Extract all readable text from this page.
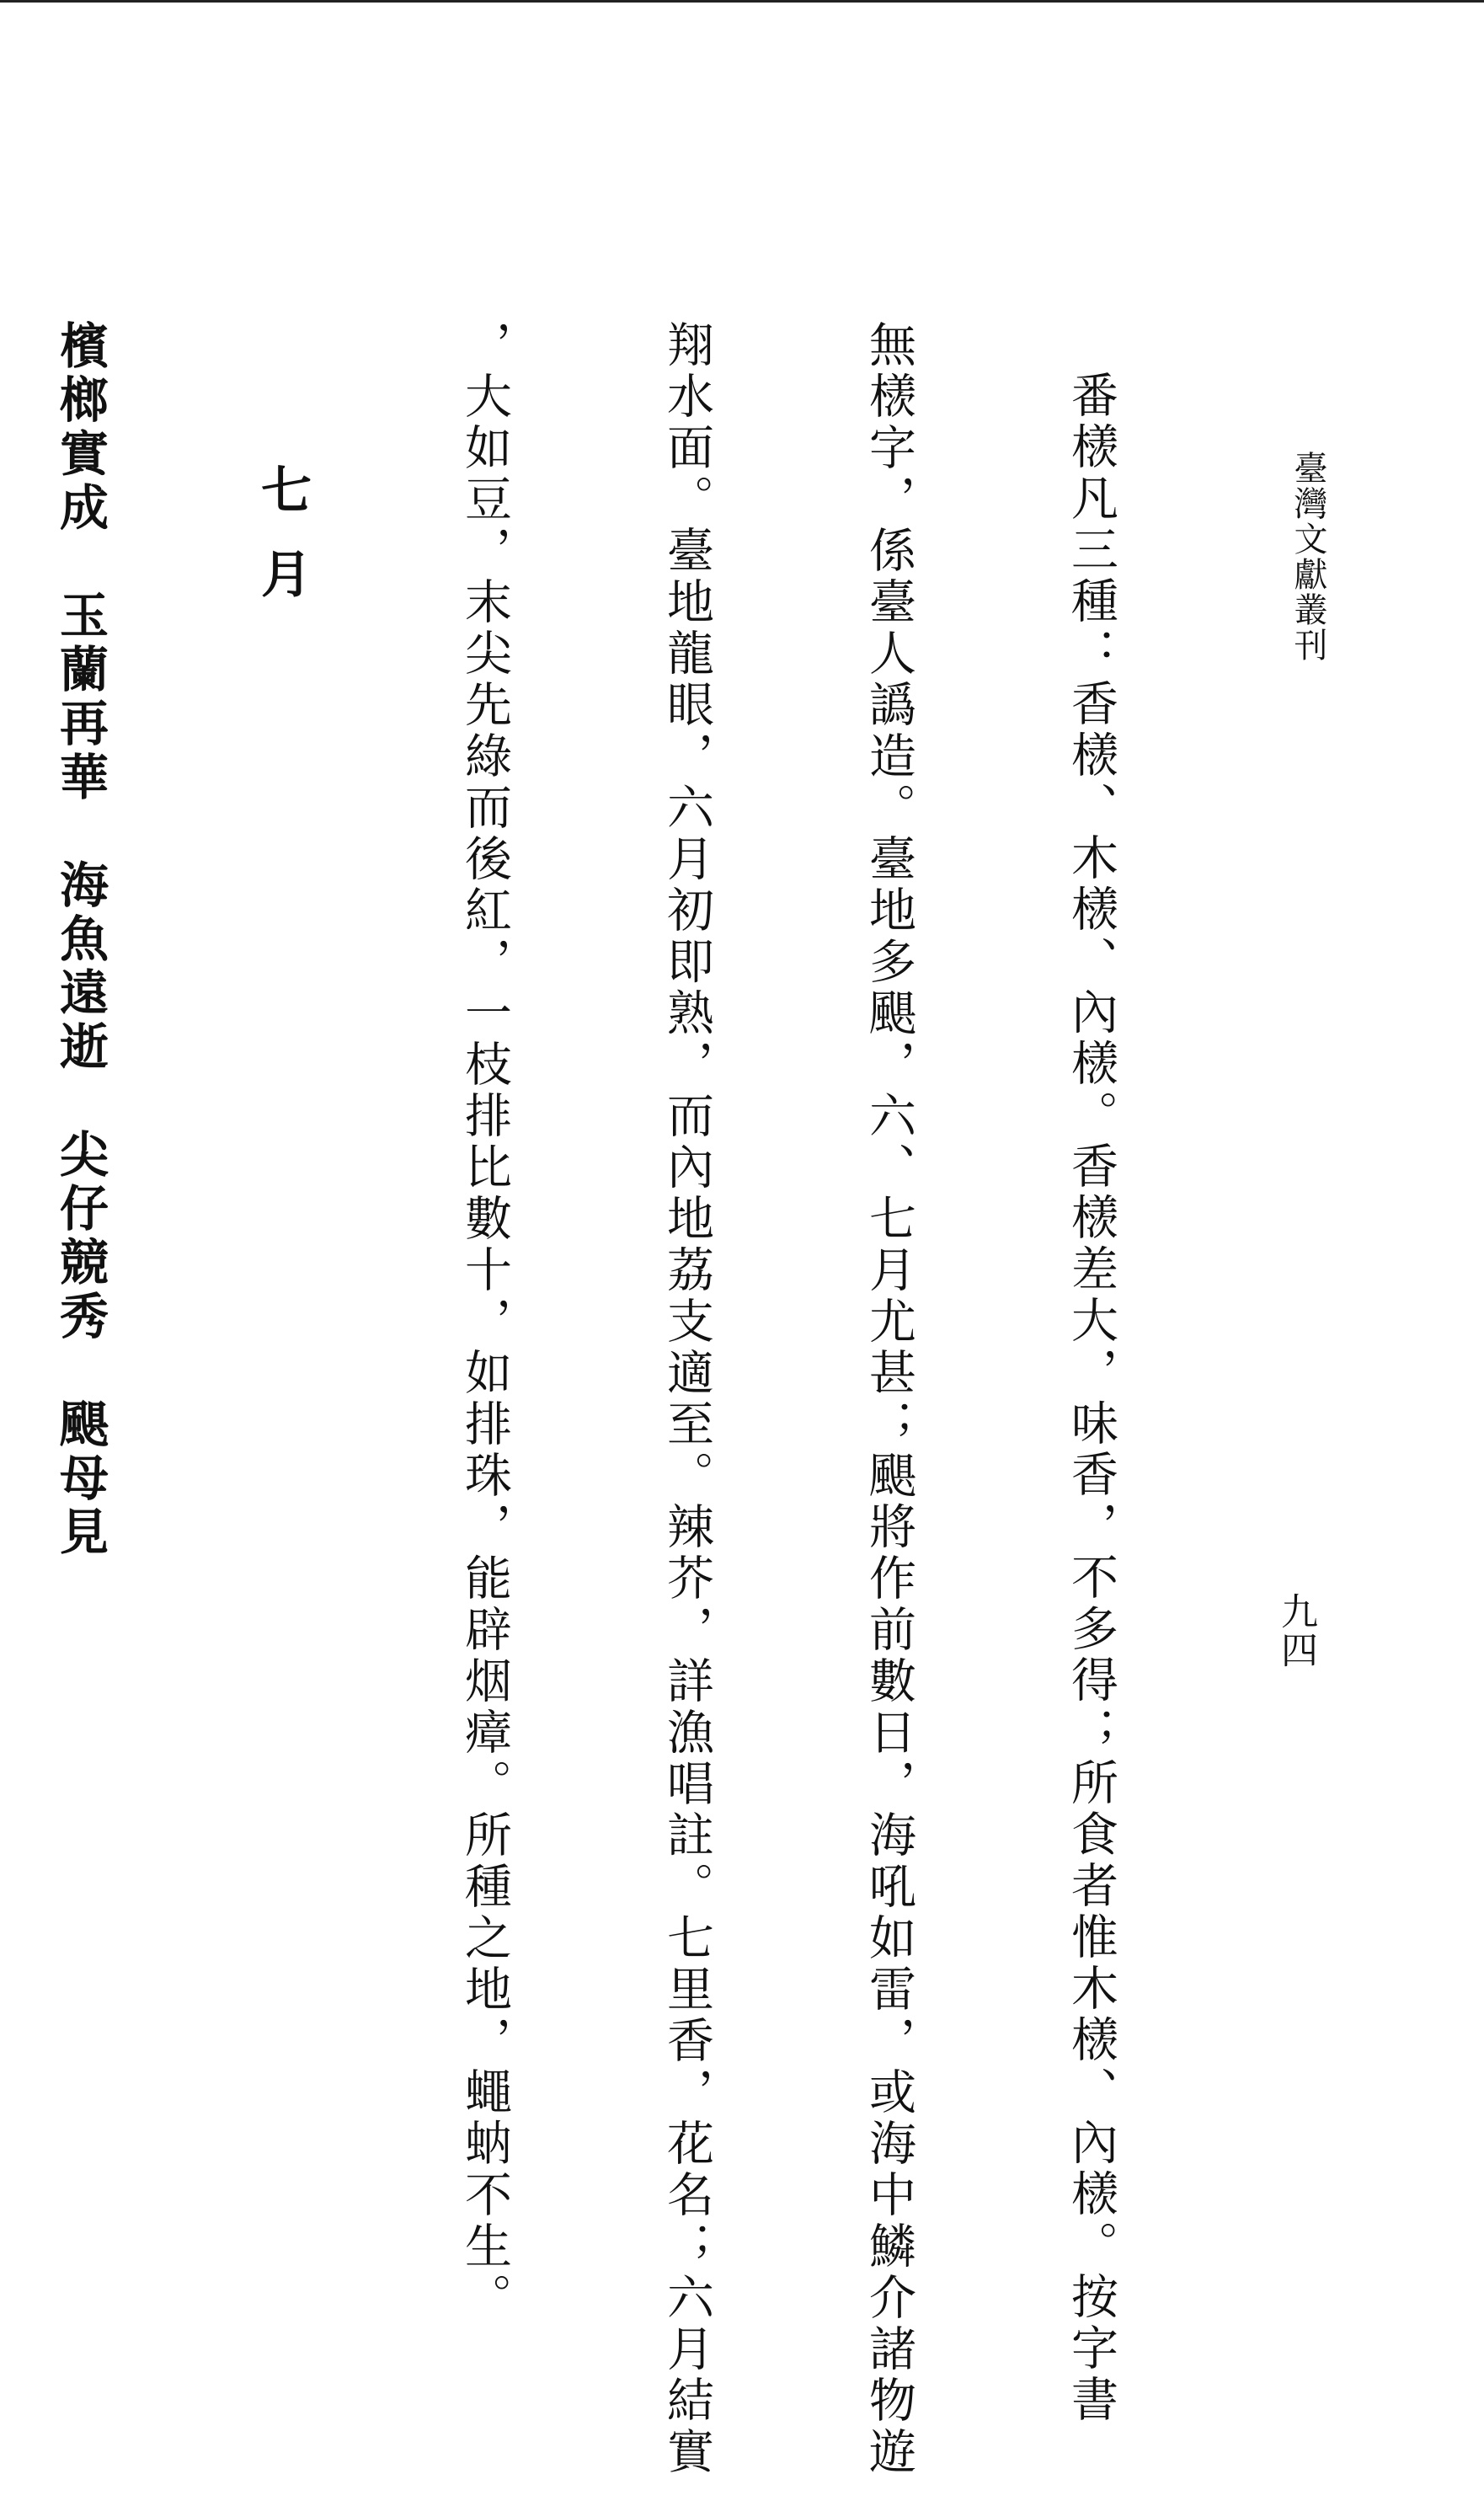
臺灣文獻叢刊
九四

番檨凡三種：香檨、木檨、內檨。香檨差大，味香，不多得；所食者惟木檨、內檨。按字書

無檨字，係臺人譌造。臺地多颶，六、七月尤甚；颶將作前數日，海吼如雷，或海中鱗介諸物遊

翔水面。臺地龍眼，六月初即熟，而內地荔支適至。辣芥，詳漁唱註。七里香，花名；六月結實

，大如豆，末尖先綠而後紅，一枝排比數十，如排珠，能辟烟瘴。所種之地，蠅蚋不生。

七月

檳榔實成　玉蘭再華　海魚遠逝　尖仔競秀　颶母見
